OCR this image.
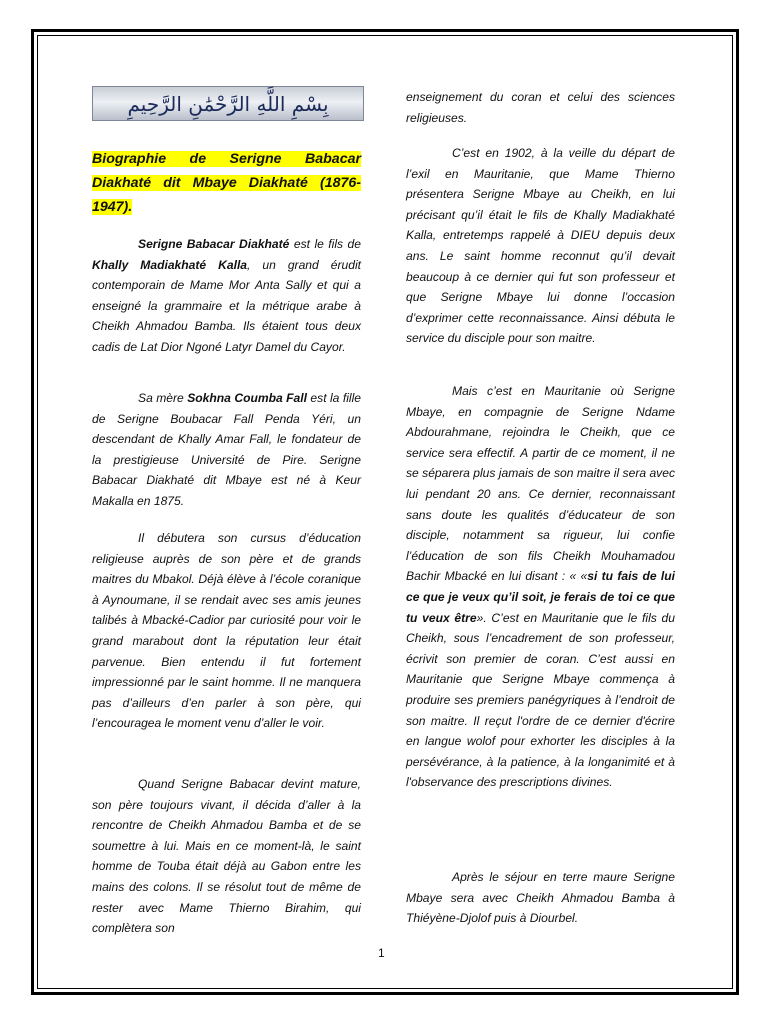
بِسْمِ اللَّهِ الرَّحْمَٰنِ الرَّحِيمِ
Biographie de Serigne Babacar Diakhaté dit Mbaye Diakhaté (1876-1947).

Serigne Babacar Diakhaté est le fils de Khally Madiakhaté Kalla, un grand érudit contemporain de Mame Mor Anta Sally et qui a enseigné la grammaire et la métrique arabe à Cheikh Ahmadou Bamba. Ils étaient tous deux cadis de Lat Dior Ngoné Latyr Damel du Cayor.

Sa mère Sokhna Coumba Fall est la fille de Serigne Boubacar Fall Penda Yéri, un descendant de Khally Amar Fall, le fondateur de la prestigieuse Université de Pire. Serigne Babacar Diakhaté dit Mbaye est né à Keur Makalla en 1875.

Il débutera son cursus d’éducation religieuse auprès de son père et de grands maitres du Mbakol. Déjà élève à l’école coranique à Aynoumane, il se rendait avec ses amis jeunes talibés à Mbacké-Cadior par curiosité pour voir le grand marabout dont la réputation leur était parvenue. Bien entendu il fut fortement impressionné par le saint homme. Il ne manquera pas d’ailleurs d’en parler à son père, qui l’encouragea le moment venu d’aller le voir.

Quand Serigne Babacar devint mature, son père toujours vivant, il décida d’aller à la rencontre de Cheikh Ahmadou Bamba et de se soumettre à lui. Mais en ce moment-là, le saint homme de Touba était déjà au Gabon entre les mains des colons. Il se résolut tout de même de rester avec Mame Thierno Birahim, qui complètera son

enseignement du coran et celui des sciences religieuses.

C’est en 1902, à la veille du départ de l’exil en Mauritanie, que Mame Thierno présentera Serigne Mbaye au Cheikh, en lui précisant qu’il était le fils de Khally Madiakhaté Kalla, entretemps rappelé à DIEU depuis deux ans. Le saint homme reconnut qu’il devait beaucoup à ce dernier qui fut son professeur et que Serigne Mbaye lui donne l’occasion d’exprimer cette reconnaissance. Ainsi débuta le service du disciple pour son maitre.

Mais c’est en Mauritanie où Serigne Mbaye, en compagnie de Serigne Ndame Abdourahmane, rejoindra le Cheikh, que ce service sera effectif. A partir de ce moment, il ne se séparera plus jamais de son maitre il sera avec lui pendant 20 ans. Ce dernier, reconnaissant sans doute les qualités d’éducateur de son disciple, notamment sa rigueur, lui confie l’éducation de son fils Cheikh Mouhamadou Bachir Mbacké en lui disant : « «si tu fais de lui ce que je veux qu’il soit, je ferais de toi ce que tu veux être». C’est en Mauritanie que le fils du Cheikh, sous l’encadrement de son professeur, écrivit son premier de coran. C’est aussi en Mauritanie que Serigne Mbaye commença à produire ses premiers panégyriques à l’endroit de son maitre. Il reçut l'ordre de ce dernier d'écrire en langue wolof pour exhorter les disciples à la persévérance, à la patience, à la longanimité et à l'observance des prescriptions divines.

Après le séjour en terre maure Serigne Mbaye sera avec Cheikh Ahmadou Bamba à Thiéyène-Djolof puis à Diourbel.

1
